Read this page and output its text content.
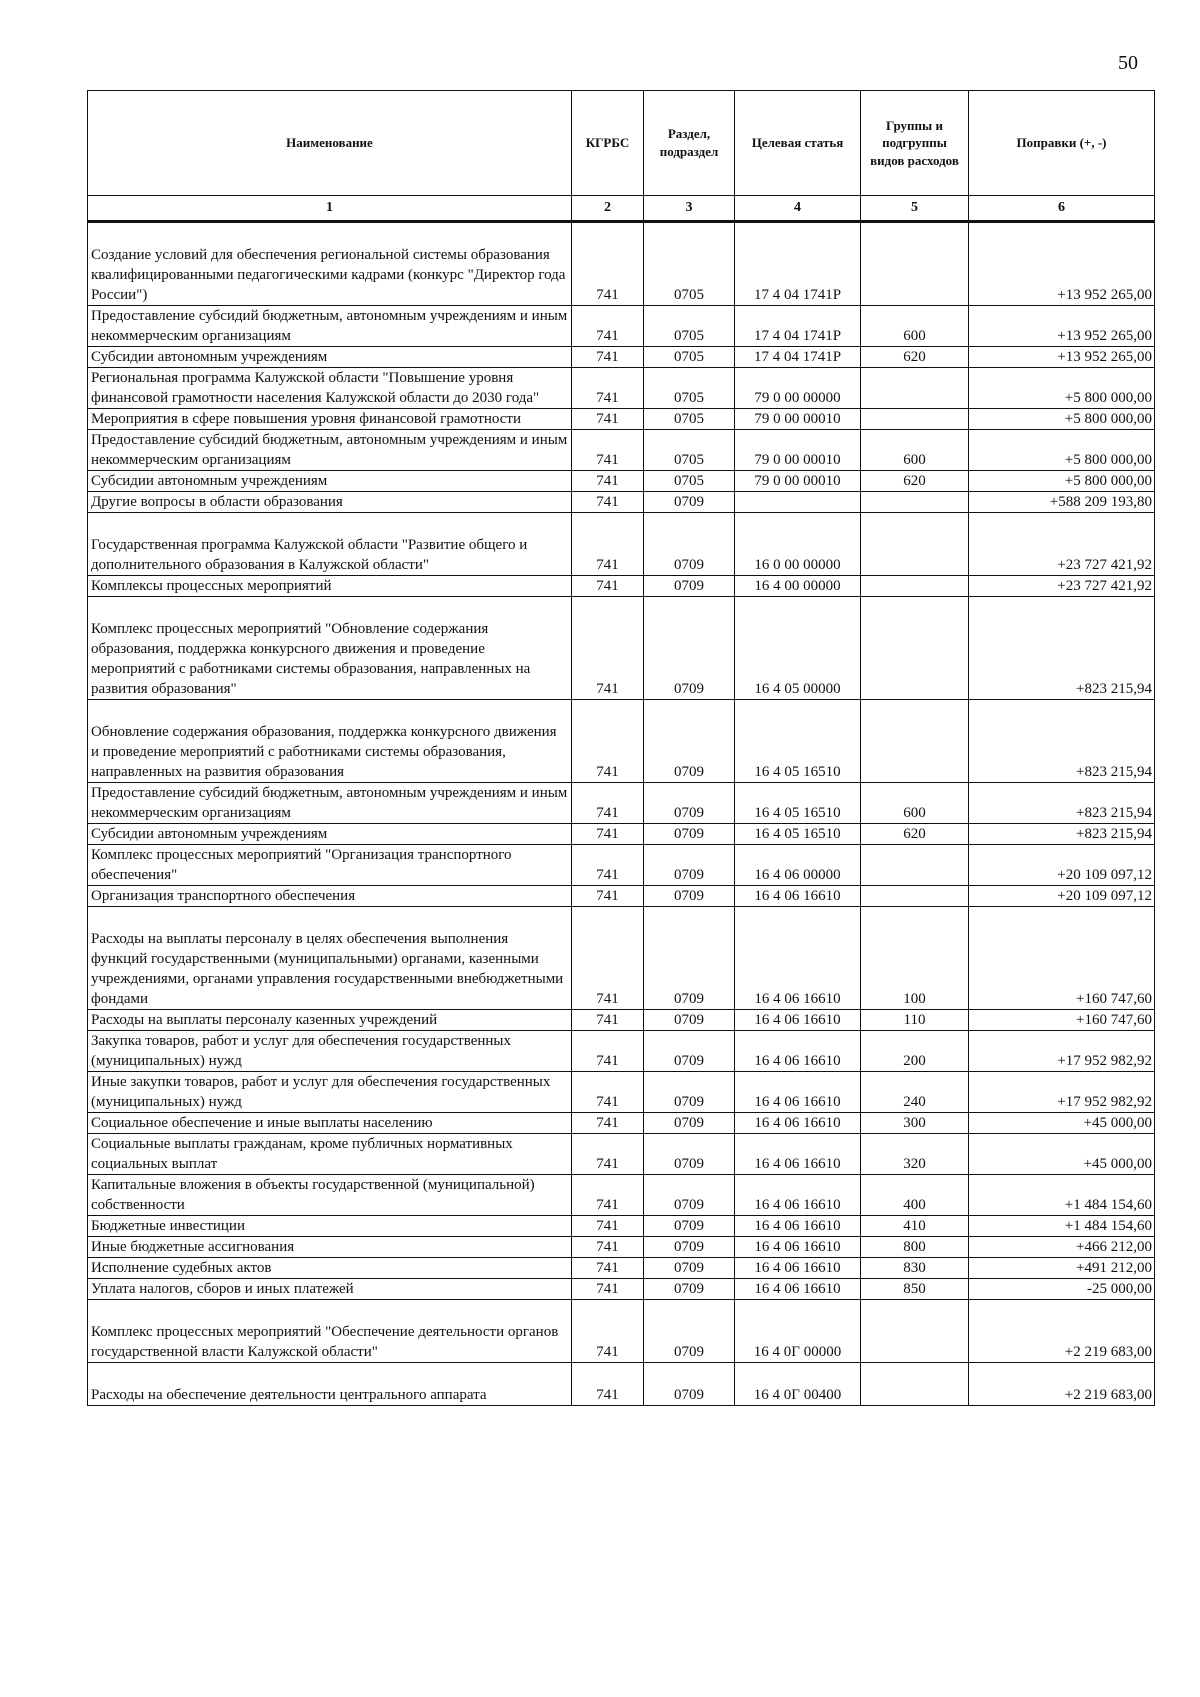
50
Наименование	КГРБС	Раздел, подраздел	Целевая статья	Группы и подгруппы видов расходов	Поправки (+, -)
1	2	3	4	5	6

Создание условий для обеспечения региональной системы образования квалифицированными педагогическими кадрами (конкурс "Директор года России")	741	0705	17 4 04 1741Р		+13 952 265,00
Предоставление субсидий бюджетным, автономным учреждениям и иным некоммерческим организациям	741	0705	17 4 04 1741Р	600	+13 952 265,00
Субсидии автономным учреждениям	741	0705	17 4 04 1741Р	620	+13 952 265,00
Региональная программа Калужской области "Повышение уровня финансовой грамотности населения Калужской области до 2030 года"	741	0705	79 0 00 00000		+5 800 000,00
Мероприятия в сфере повышения уровня финансовой грамотности	741	0705	79 0 00 00010		+5 800 000,00
Предоставление субсидий бюджетным, автономным учреждениям и иным некоммерческим организациям	741	0705	79 0 00 00010	600	+5 800 000,00
Субсидии автономным учреждениям	741	0705	79 0 00 00010	620	+5 800 000,00
Другие вопросы в области образования	741	0709			+588 209 193,80

Государственная программа Калужской области "Развитие общего и дополнительного образования в Калужской области"	741	0709	16 0 00 00000		+23 727 421,92
Комплексы процессных мероприятий	741	0709	16 4 00 00000		+23 727 421,92

Комплекс процессных мероприятий "Обновление содержания образования, поддержка конкурсного движения и проведение мероприятий с работниками системы образования, направленных на развития образования"	741	0709	16 4 05 00000		+823 215,94

Обновление содержания образования, поддержка конкурсного движения и проведение мероприятий с работниками системы образования, направленных на развития образования	741	0709	16 4 05 16510		+823 215,94
Предоставление субсидий бюджетным, автономным учреждениям и иным некоммерческим организациям	741	0709	16 4 05 16510	600	+823 215,94
Субсидии автономным учреждениям	741	0709	16 4 05 16510	620	+823 215,94
Комплекс процессных мероприятий "Организация транспортного обеспечения"	741	0709	16 4 06 00000		+20 109 097,12
Организация транспортного обеспечения	741	0709	16 4 06 16610		+20 109 097,12

Расходы на выплаты персоналу в целях обеспечения выполнения функций государственными (муниципальными) органами, казенными учреждениями, органами управления государственными внебюджетными фондами	741	0709	16 4 06 16610	100	+160 747,60
Расходы на выплаты персоналу казенных учреждений	741	0709	16 4 06 16610	110	+160 747,60
Закупка товаров, работ и услуг для обеспечения государственных (муниципальных) нужд	741	0709	16 4 06 16610	200	+17 952 982,92
Иные закупки товаров, работ и услуг для обеспечения государственных (муниципальных) нужд	741	0709	16 4 06 16610	240	+17 952 982,92
Социальное обеспечение и иные выплаты населению	741	0709	16 4 06 16610	300	+45 000,00
Социальные выплаты гражданам, кроме публичных нормативных социальных выплат	741	0709	16 4 06 16610	320	+45 000,00
Капитальные вложения в объекты государственной (муниципальной) собственности	741	0709	16 4 06 16610	400	+1 484 154,60
Бюджетные инвестиции	741	0709	16 4 06 16610	410	+1 484 154,60
Иные бюджетные ассигнования	741	0709	16 4 06 16610	800	+466 212,00
Исполнение судебных актов	741	0709	16 4 06 16610	830	+491 212,00
Уплата налогов, сборов и иных платежей	741	0709	16 4 06 16610	850	-25 000,00

Комплекс процессных мероприятий "Обеспечение деятельности органов государственной власти Калужской области"	741	0709	16 4 0Г 00000		+2 219 683,00

Расходы на обеспечение деятельности центрального аппарата	741	0709	16 4 0Г 00400		+2 219 683,00
